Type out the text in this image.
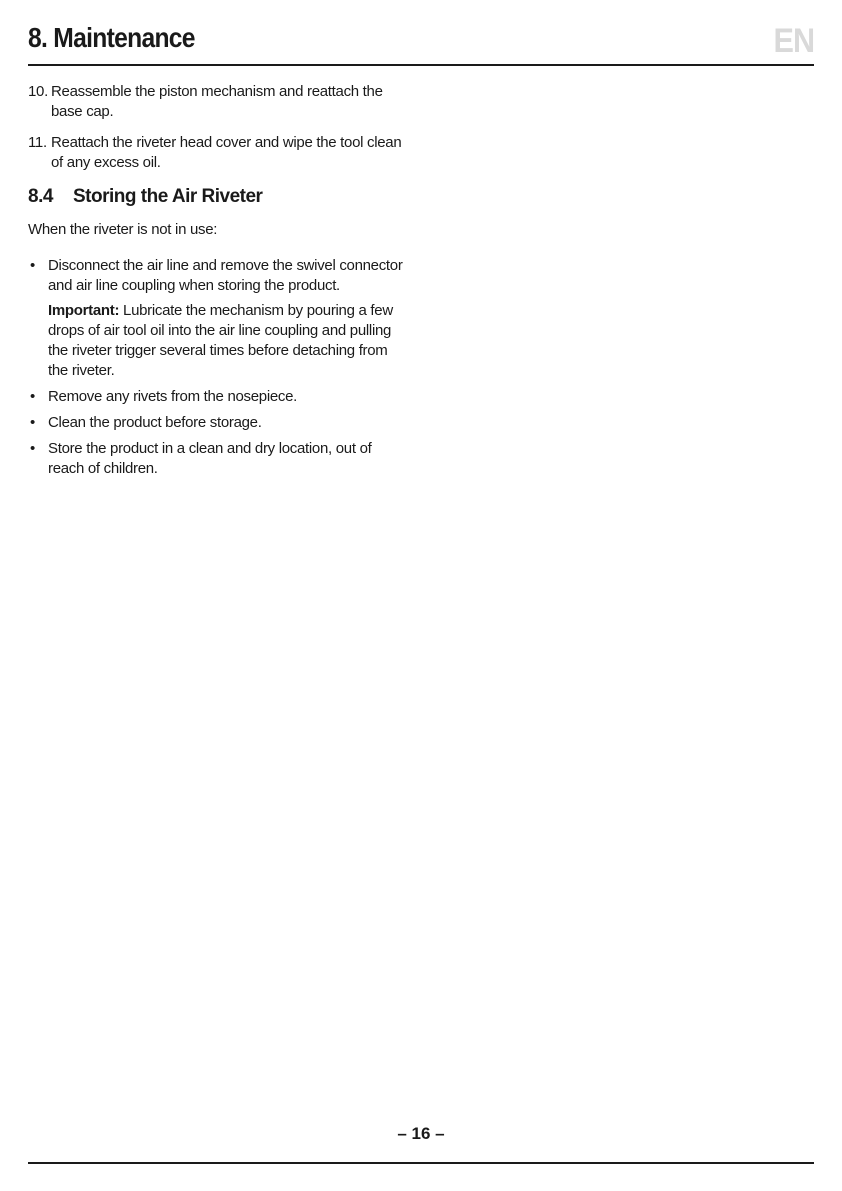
8. Maintenance	EN
10. Reassemble the piston mechanism and reattach the base cap.
11. Reattach the riveter head cover and wipe the tool clean of any excess oil.
8.4 Storing the Air Riveter

When the riveter is not in use:

• Disconnect the air line and remove the swivel connector and air line coupling when storing the product.

Important: Lubricate the mechanism by pouring a few drops of air tool oil into the air line coupling and pulling the riveter trigger several times before detaching from the riveter.

• Remove any rivets from the nosepiece.
• Clean the product before storage.
• Store the product in a clean and dry location, out of reach of children.
– 16 –
